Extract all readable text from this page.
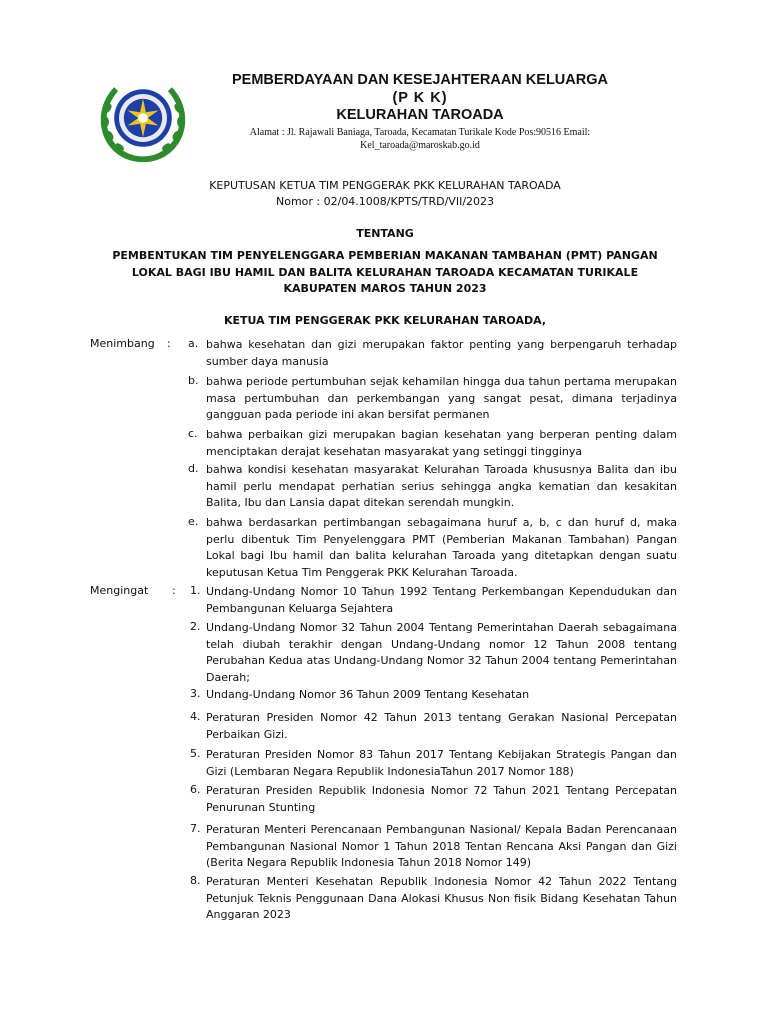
PEMBERDAYAAN DAN KESEJAHTERAAN KELUARGA
(P K K)
KELURAHAN TAROADA
Alamat : Jl. Rajawali Baniaga, Taroada, Kecamatan Turikale Kode Pos:90516 Email:
Kel_taroada@maroskab.go.id
KEPUTUSAN KETUA TIM PENGGERAK PKK KELURAHAN TAROADA
Nomor : 02/04.1008/KPTS/TRD/VII/2023
TENTANG
PEMBENTUKAN TIM PENYELENGGARA PEMBERIAN MAKANAN TAMBAHAN (PMT) PANGAN
LOKAL BAGI IBU HAMIL DAN BALITA KELURAHAN TAROADA KECAMATAN TURIKALE
KABUPATEN MAROS TAHUN 2023
KETUA TIM PENGGERAK PKK KELURAHAN TAROADA,
Menimbang : a. bahwa kesehatan dan gizi merupakan faktor penting yang berpengaruh terhadap sumber daya manusia
b. bahwa periode pertumbuhan sejak kehamilan hingga dua tahun pertama merupakan masa pertumbuhan dan perkembangan yang sangat pesat, dimana terjadinya gangguan pada periode ini akan bersifat permanen
c. bahwa perbaikan gizi merupakan bagian kesehatan yang berperan penting dalam menciptakan derajat kesehatan masyarakat yang setinggi tingginya
d. bahwa kondisi kesehatan masyarakat Kelurahan Taroada khususnya Balita dan ibu hamil perlu mendapat perhatian serius sehingga angka kematian dan kesakitan Balita, Ibu dan Lansia dapat ditekan serendah mungkin.
e. bahwa berdasarkan pertimbangan sebagaimana huruf a, b, c dan huruf d, maka perlu dibentuk Tim Penyelenggara PMT (Pemberian Makanan Tambahan) Pangan Lokal bagi Ibu hamil dan balita kelurahan Taroada yang ditetapkan dengan suatu keputusan Ketua Tim Penggerak PKK Kelurahan Taroada.
Mengingat : 1. Undang-Undang Nomor 10 Tahun 1992 Tentang Perkembangan Kependudukan dan Pembangunan Keluarga Sejahtera
2. Undang-Undang Nomor 32 Tahun 2004 Tentang Pemerintahan Daerah sebagaimana telah diubah terakhir dengan Undang-Undang nomor 12 Tahun 2008 tentang Perubahan Kedua atas Undang-Undang Nomor 32 Tahun 2004 tentang Pemerintahan Daerah;
3. Undang-Undang Nomor 36 Tahun 2009 Tentang Kesehatan
4. Peraturan Presiden Nomor 42 Tahun 2013 tentang Gerakan Nasional Percepatan Perbaikan Gizi.
5. Peraturan Presiden Nomor 83 Tahun 2017 Tentang Kebijakan Strategis Pangan dan Gizi (Lembaran Negara Republik IndonesiaTahun 2017 Nomor 188)
6. Peraturan Presiden Republik Indonesia Nomor 72 Tahun 2021 Tentang Percepatan Penurunan Stunting
7. Peraturan Menteri Perencanaan Pembangunan Nasional/ Kepala Badan Perencanaan Pembangunan Nasional Nomor 1 Tahun 2018 Tentan Rencana Aksi Pangan dan Gizi (Berita Negara Republik Indonesia Tahun 2018 Nomor 149)
8. Peraturan Menteri Kesehatan Republik Indonesia Nomor 42 Tahun 2022 Tentang Petunjuk Teknis Penggunaan Dana Alokasi Khusus Non fisik Bidang Kesehatan Tahun Anggaran 2023
